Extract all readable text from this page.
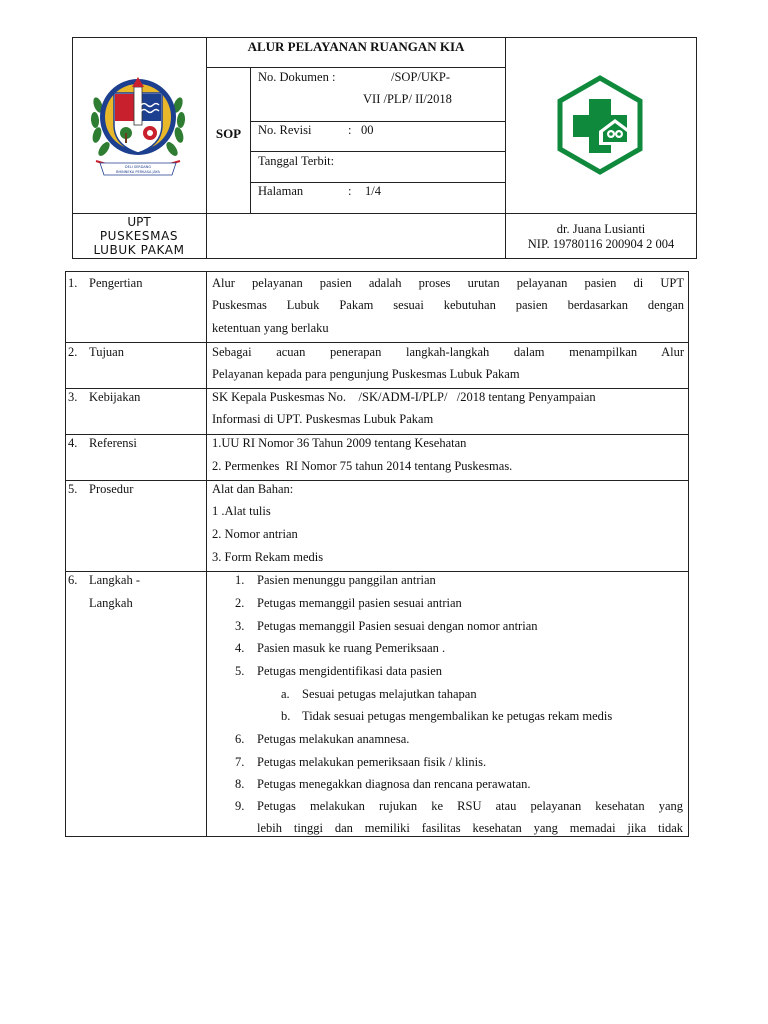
DELI SERDANG
BHINNEKA PERKASA JAYA
ALUR PELAYANAN RUANGAN KIA
SOP
No. Dokumen :	/SOP/UKP-
VII /PLP/ II/2018
No. Revisi	: 00
Tanggal Terbit:
Halaman	: 1/4
UPT
PUSKESMAS
LUBUK PAKAM
dr. Juana Lusianti
NIP. 19780116 200904 2 004
1. Pengertian	Alur pelayanan pasien adalah proses urutan pelayanan pasien di UPT
Puskesmas Lubuk Pakam sesuai kebutuhan pasien berdasarkan dengan
ketentuan yang berlaku
2. Tujuan	Sebagai acuan penerapan langkah-langkah dalam menampilkan Alur
Pelayanan kepada para pengunjung Puskesmas Lubuk Pakam
3. Kebijakan	SK Kepala Puskesmas No.    /SK/ADM-I/PLP/   /2018 tentang Penyampaian
Informasi di UPT. Puskesmas Lubuk Pakam
4. Referensi	1.UU RI Nomor 36 Tahun 2009 tentang Kesehatan
2. Permenkes  RI Nomor 75 tahun 2014 tentang Puskesmas.
5. Prosedur	Alat dan Bahan:
1 .Alat tulis
2. Nomor antrian
3. Form Rekam medis
6. Langkah -
Langkah
1. Pasien menunggu panggilan antrian
2. Petugas memanggil pasien sesuai antrian
3. Petugas memanggil Pasien sesuai dengan nomor antrian
4. Pasien masuk ke ruang Pemeriksaan .
5. Petugas mengidentifikasi data pasien
a. Sesuai petugas melajutkan tahapan
b. Tidak sesuai petugas mengembalikan ke petugas rekam medis
6. Petugas melakukan anamnesa.
7. Petugas melakukan pemeriksaan fisik / klinis.
8. Petugas menegakkan diagnosa dan rencana perawatan.
9. Petugas melakukan rujukan ke RSU atau pelayanan kesehatan yang
lebih tinggi dan memiliki fasilitas kesehatan yang memadai jika tidak
